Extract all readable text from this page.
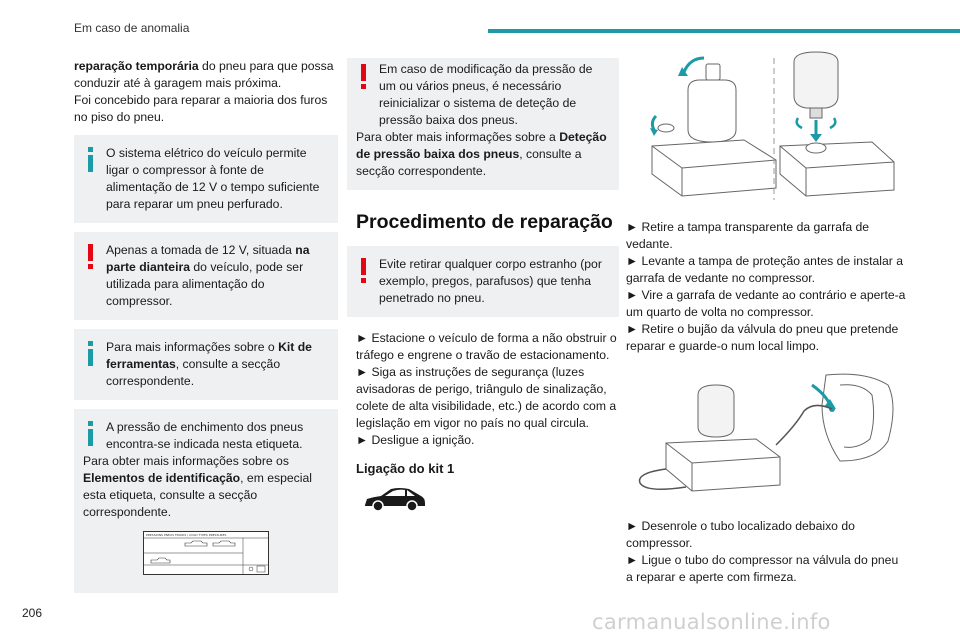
Em caso de anomalia

reparação temporária do pneu para que possa conduzir até à garagem mais próxima.
Foi concebido para reparar a maioria dos furos no piso do pneu.

O sistema elétrico do veículo permite ligar o compressor à fonte de alimentação de 12 V o tempo suficiente para reparar um pneu perfurado.
Apenas a tomada de 12 V, situada na parte dianteira do veículo, pode ser utilizada para alimentação do compressor.
Para mais informações sobre o Kit de ferramentas, consulte a secção correspondente.
A pressão de enchimento dos pneus encontra-se indicada nesta etiqueta.
Para obter mais informações sobre os Elementos de identificação, em especial esta etiqueta, consulte a secção correspondente.
PRESSIONS PNEUS FROIDS / COLD TYPES PRESSURES
Em caso de modificação da pressão de um ou vários pneus, é necessário reinicializar o sistema de deteção de pressão baixa dos pneus.
Para obter mais informações sobre a Deteção de pressão baixa dos pneus, consulte a secção correspondente.
Procedimento de reparação
Evite retirar qualquer corpo estranho (por exemplo, pregos, parafusos) que tenha penetrado no pneu.

► Estacione o veículo de forma a não obstruir o tráfego e engrene o travão de estacionamento.

► Siga as instruções de segurança (luzes avisadoras de perigo, triângulo de sinalização, colete de alta visibilidade, etc.) de acordo com a legislação em vigor no país no qual circula.

► Desligue a ignição.

Ligação do kit 1

► Retire a tampa transparente da garrafa de vedante.

► Levante a tampa de proteção antes de instalar a garrafa de vedante no compressor.

► Vire a garrafa de vedante ao contrário e aperte-a um quarto de volta no compressor.

► Retire o bujão da válvula do pneu que pretende reparar e guarde-o num local limpo.

► Desenrole o tubo localizado debaixo do compressor.

► Ligue o tubo do compressor na válvula do pneu a reparar e aperte com firmeza.

206	carmanualsonline.info
